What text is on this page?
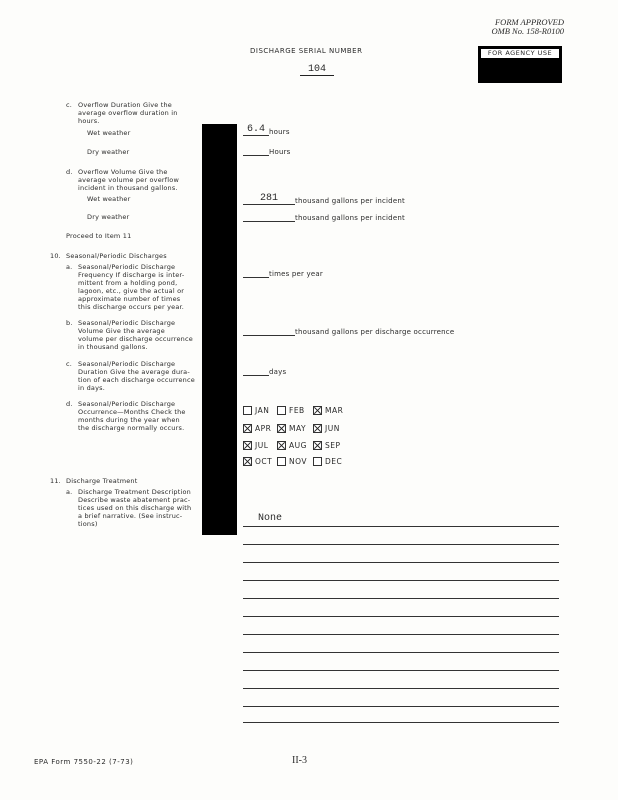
FORM APPROVED
OMB No. 158-R0100
FOR AGENCY USE
DISCHARGE SERIAL NUMBER
104
c. Overflow Duration Give the
average overflow duration in
hours.
Wet weather	6.4 hours
Dry weather	Hours
d. Overflow Volume Give the
average volume per overflow
incident in thousand gallons.
Wet weather	281	thousand gallons per incident
Dry weather	thousand gallons per incident
Proceed to Item 11
10. Seasonal/Periodic Discharges
a. Seasonal/Periodic Discharge
Frequency If discharge is inter-
mittent from a holding pond,
lagoon, etc., give the actual or
approximate number of times
this discharge occurs per year.
times per year
b. Seasonal/Periodic Discharge
Volume Give the average
volume per discharge occurrence
in thousand gallons.
thousand gallons per discharge occurrence
c. Seasonal/Periodic Discharge
Duration Give the average dura-
tion of each discharge occurrence
in days.
days
d. Seasonal/Periodic Discharge
Occurrence—Months Check the
months during the year when
the discharge normally occurs.
JAN	FEB	MAR
APR MAY	JUN
JUL	AUG SEP
OCT NOV DEC
11. Discharge Treatment
a. Discharge Treatment Description
Describe waste abatement prac-
tices used on this discharge with
a brief narrative. (See instruc-
tions)	None
EPA Form 7550-22 (7-73)	II-3
